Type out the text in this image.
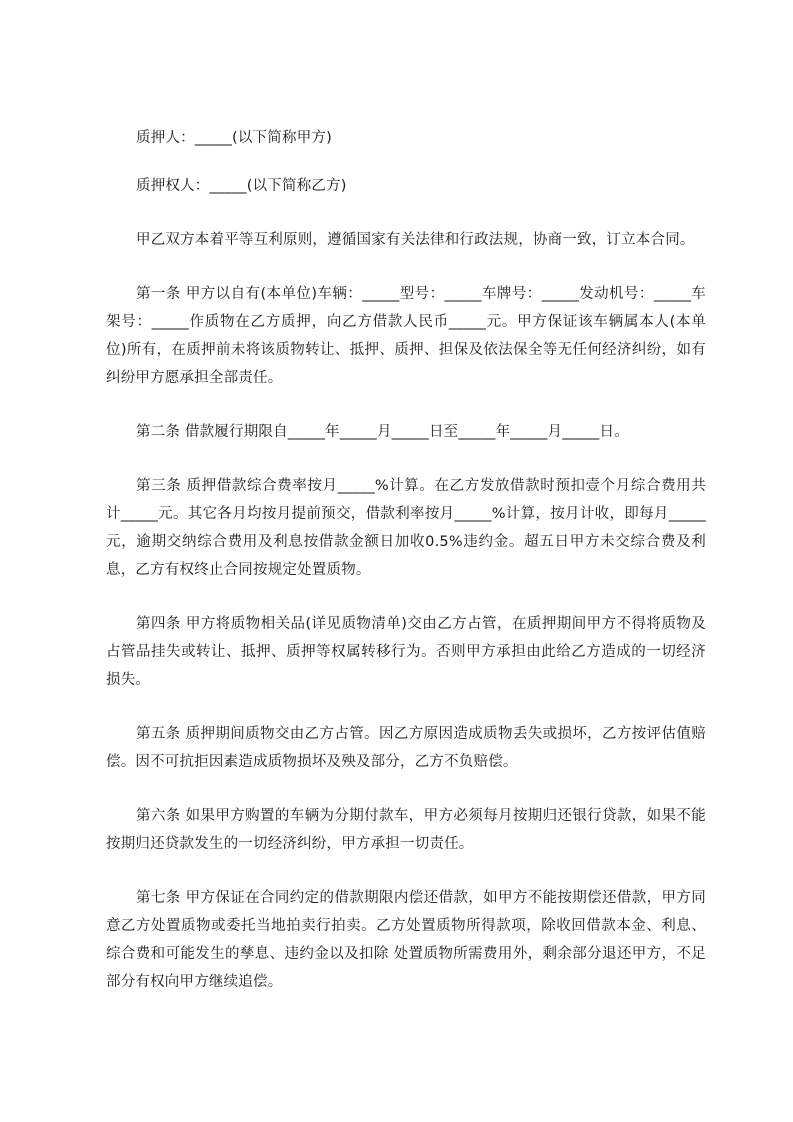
质押人：_____(以下简称甲方)

质押权人：_____(以下简称乙方)

甲乙双方本着平等互利原则，遵循国家有关法律和行政法规，协商一致，订立本合同。

第一条 甲方以自有(本单位)车辆：_____型号：_____车牌号：_____发动机号：_____车架号：_____作质物在乙方质押，向乙方借款人民币_____元。甲方保证该车辆属本人(本单位)所有，在质押前未将该质物转让、抵押、质押、担保及依法保全等无任何经济纠纷，如有纠纷甲方愿承担全部责任。

第二条 借款履行期限自_____年_____月_____日至_____年_____月_____日。

第三条 质押借款综合费率按月_____%计算。在乙方发放借款时预扣壹个月综合费用共计_____元。其它各月均按月提前预交，借款利率按月_____%计算，按月计收，即每月_____元，逾期交纳综合费用及利息按借款金额日加收0.5%违约金。超五日甲方未交综合费及利息，乙方有权终止合同按规定处置质物。

第四条 甲方将质物相关品(详见质物清单)交由乙方占管，在质押期间甲方不得将质物及占管品挂失或转让、抵押、质押等权属转移行为。否则甲方承担由此给乙方造成的一切经济损失。

第五条 质押期间质物交由乙方占管。因乙方原因造成质物丢失或损坏，乙方按评估值赔偿。因不可抗拒因素造成质物损坏及殃及部分，乙方不负赔偿。

第六条 如果甲方购置的车辆为分期付款车，甲方必须每月按期归还银行贷款，如果不能按期归还贷款发生的一切经济纠纷，甲方承担一切责任。

第七条 甲方保证在合同约定的借款期限内偿还借款，如甲方不能按期偿还借款，甲方同意乙方处置质物或委托当地拍卖行拍卖。乙方处置质物所得款项，除收回借款本金、利息、综合费和可能发生的孳息、违约金以及扣除 处置质物所需费用外，剩余部分退还甲方，不足部分有权向甲方继续追偿。
